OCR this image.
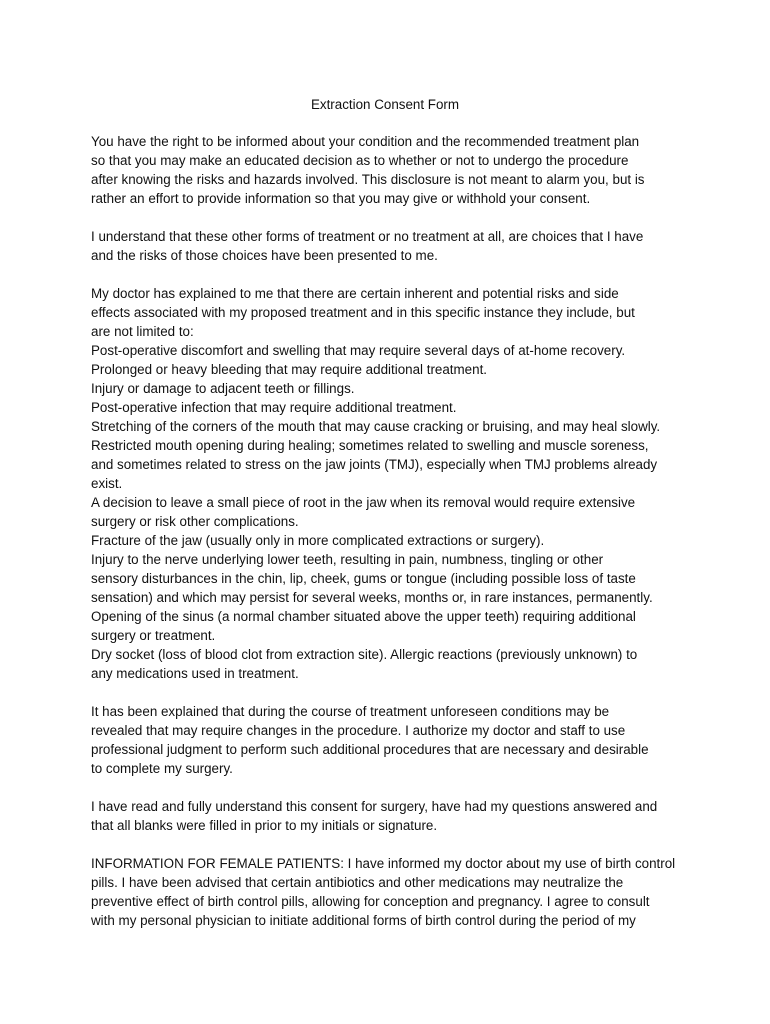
Extraction Consent Form
You have the right to be informed about your condition and the recommended treatment plan
so that you may make an educated decision as to whether or not to undergo the procedure
after knowing the risks and hazards involved. This disclosure is not meant to alarm you, but is
rather an effort to provide information so that you may give or withhold your consent.
I understand that these other forms of treatment or no treatment at all, are choices that I have
and the risks of those choices have been presented to me.
My doctor has explained to me that there are certain inherent and potential risks and side
effects associated with my proposed treatment and in this specific instance they include, but
are not limited to:
Post-operative discomfort and swelling that may require several days of at-home recovery.
Prolonged or heavy bleeding that may require additional treatment.
Injury or damage to adjacent teeth or fillings.
Post-operative infection that may require additional treatment.
Stretching of the corners of the mouth that may cause cracking or bruising, and may heal slowly.
Restricted mouth opening during healing; sometimes related to swelling and muscle soreness,
and sometimes related to stress on the jaw joints (TMJ), especially when TMJ problems already
exist.
A decision to leave a small piece of root in the jaw when its removal would require extensive
surgery or risk other complications.
Fracture of the jaw (usually only in more complicated extractions or surgery).
Injury to the nerve underlying lower teeth, resulting in pain, numbness, tingling or other
sensory disturbances in the chin, lip, cheek, gums or tongue (including possible loss of taste
sensation) and which may persist for several weeks, months or, in rare instances, permanently.
Opening of the sinus (a normal chamber situated above the upper teeth) requiring additional
surgery or treatment.
Dry socket (loss of blood clot from extraction site). Allergic reactions (previously unknown) to
any medications used in treatment.
It has been explained that during the course of treatment unforeseen conditions may be
revealed that may require changes in the procedure. I authorize my doctor and staff to use
professional judgment to perform such additional procedures that are necessary and desirable
to complete my surgery.
I have read and fully understand this consent for surgery, have had my questions answered and
that all blanks were filled in prior to my initials or signature.
INFORMATION FOR FEMALE PATIENTS: I have informed my doctor about my use of birth control
pills. I have been advised that certain antibiotics and other medications may neutralize the
preventive effect of birth control pills, allowing for conception and pregnancy. I agree to consult
with my personal physician to initiate additional forms of birth control during the period of my
